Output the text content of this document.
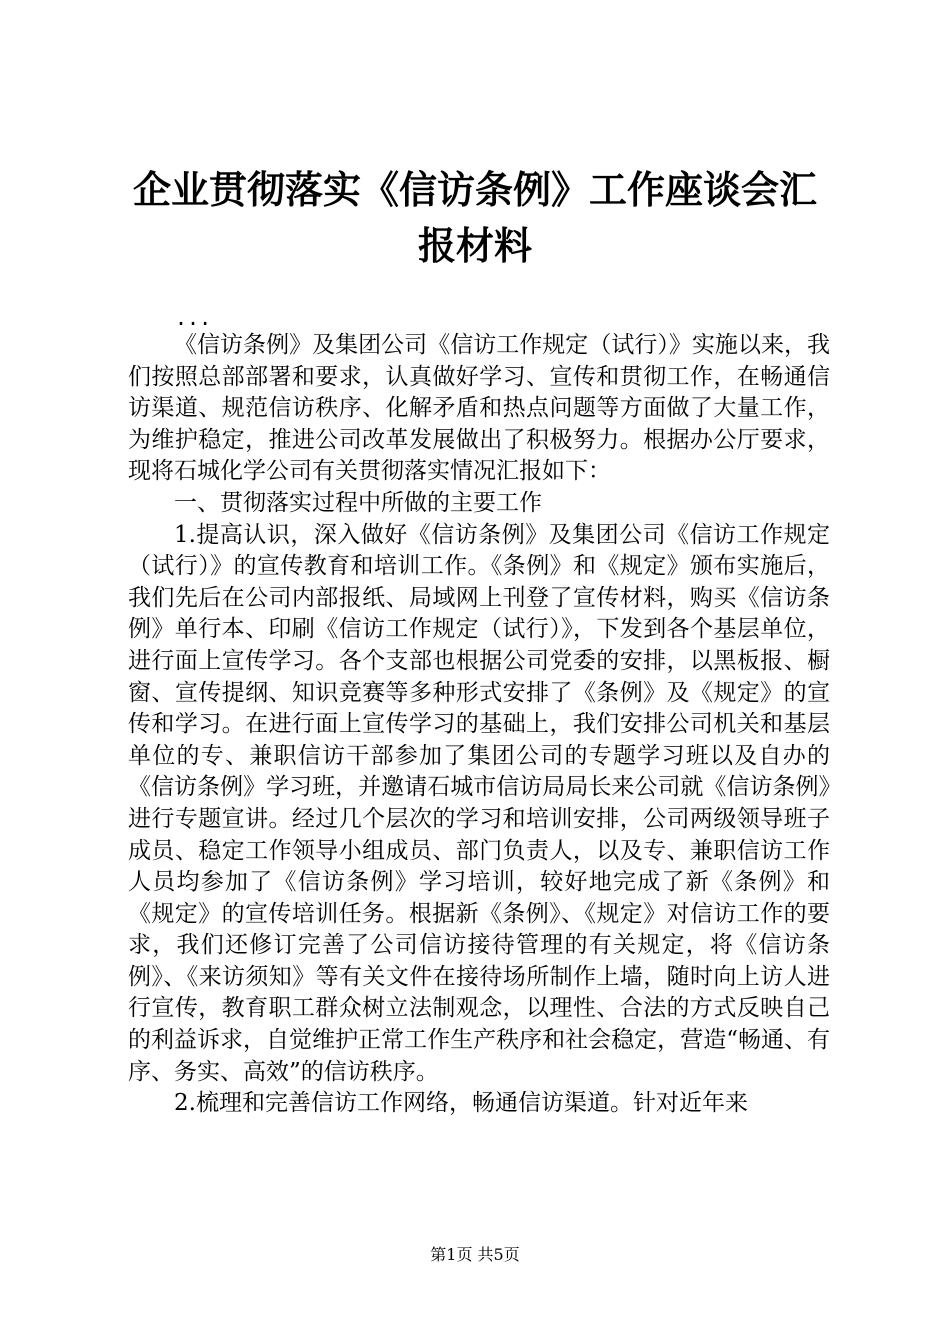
企业贯彻落实《信访条例》工作座谈会汇报材料
...

《信访条例》及集团公司《信访工作规定（试行）》实施以来，我们按照总部部署和要求，认真做好学习、宣传和贯彻工作，在畅通信访渠道、规范信访秩序、化解矛盾和热点问题等方面做了大量工作，为维护稳定，推进公司改革发展做出了积极努力。根据办公厅要求，现将石城化学公司有关贯彻落实情况汇报如下：

一、贯彻落实过程中所做的主要工作

1.提高认识，深入做好《信访条例》及集团公司《信访工作规定（试行）》的宣传教育和培训工作。《条例》和《规定》颁布实施后，我们先后在公司内部报纸、局域网上刊登了宣传材料，购买《信访条例》单行本、印刷《信访工作规定（试行）》，下发到各个基层单位，进行面上宣传学习。各个支部也根据公司党委的安排，以黑板报、橱窗、宣传提纲、知识竞赛等多种形式安排了《条例》及《规定》的宣传和学习。在进行面上宣传学习的基础上，我们安排公司机关和基层单位的专、兼职信访干部参加了集团公司的专题学习班以及自办的《信访条例》学习班，并邀请石城市信访局局长来公司就《信访条例》进行专题宣讲。经过几个层次的学习和培训安排，公司两级领导班子成员、稳定工作领导小组成员、部门负责人，以及专、兼职信访工作人员均参加了《信访条例》学习培训，较好地完成了新《条例》和《规定》的宣传培训任务。根据新《条例》、《规定》对信访工作的要求，我们还修订完善了公司信访接待管理的有关规定，将《信访条例》、《来访须知》等有关文件在接待场所制作上墙，随时向上访人进行宣传，教育职工群众树立法制观念，以理性、合法的方式反映自己的利益诉求，自觉维护正常工作生产秩序和社会稳定，营造“畅通、有序、务实、高效”的信访秩序。

2.梳理和完善信访工作网络，畅通信访渠道。针对近年来

第1页 共5页
